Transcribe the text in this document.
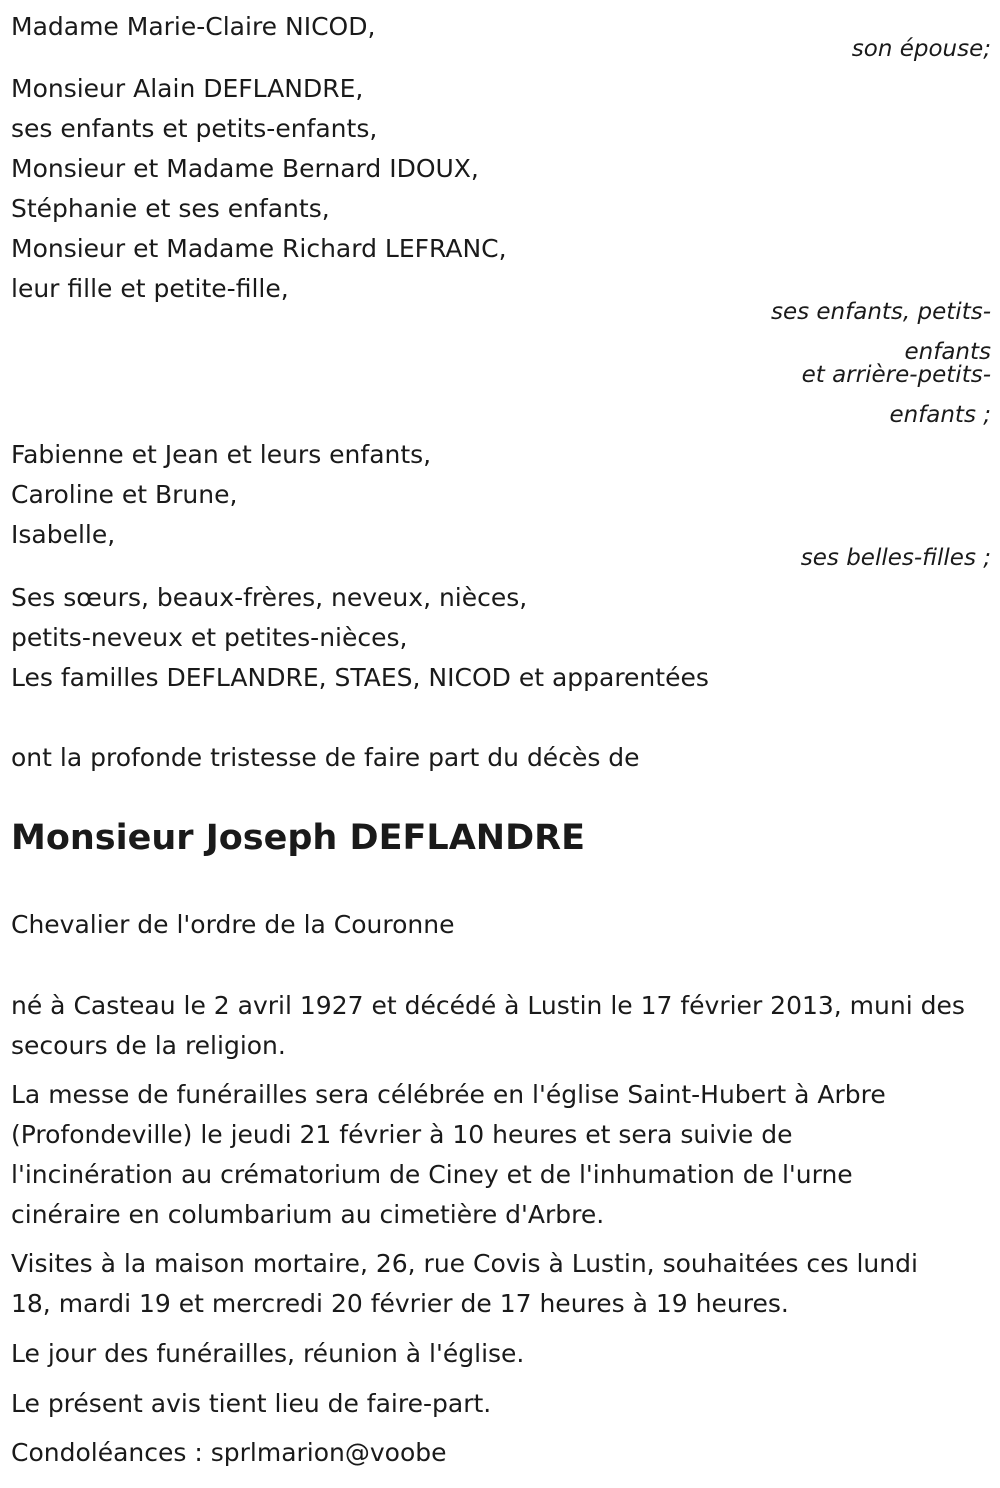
Madame Marie-Claire NICOD,
son épouse;
Monsieur Alain DEFLANDRE,
ses enfants et petits-enfants,
Monsieur et Madame Bernard IDOUX,
Stéphanie et ses enfants,
Monsieur et Madame Richard LEFRANC,
leur fille et petite-fille,
ses enfants, petits-
enfants
et arrière-petits-
enfants ;
Fabienne et Jean et leurs enfants,
Caroline et Brune,
Isabelle,
ses belles-filles ;
Ses sœurs, beaux-frères, neveux, nièces,
petits-neveux et petites-nièces,
Les familles DEFLANDRE, STAES, NICOD et apparentées
ont la profonde tristesse de faire part du décès de
Monsieur Joseph DEFLANDRE
Chevalier de l'ordre de la Couronne
né à Casteau le 2 avril 1927 et décédé à Lustin le 17 février 2013, muni des
secours de la religion.
La messe de funérailles sera célébrée en l'église Saint-Hubert à Arbre
(Profondeville) le jeudi 21 février à 10 heures et sera suivie de
l'incinération au crématorium de Ciney et de l'inhumation de l'urne
cinéraire en columbarium au cimetière d'Arbre.
Visites à la maison mortaire, 26, rue Covis à Lustin, souhaitées ces lundi
18, mardi 19 et mercredi 20 février de 17 heures à 19 heures.
Le jour des funérailles, réunion à l'église.
Le présent avis tient lieu de faire-part.
Condoléances : sprlmarion@voobe
